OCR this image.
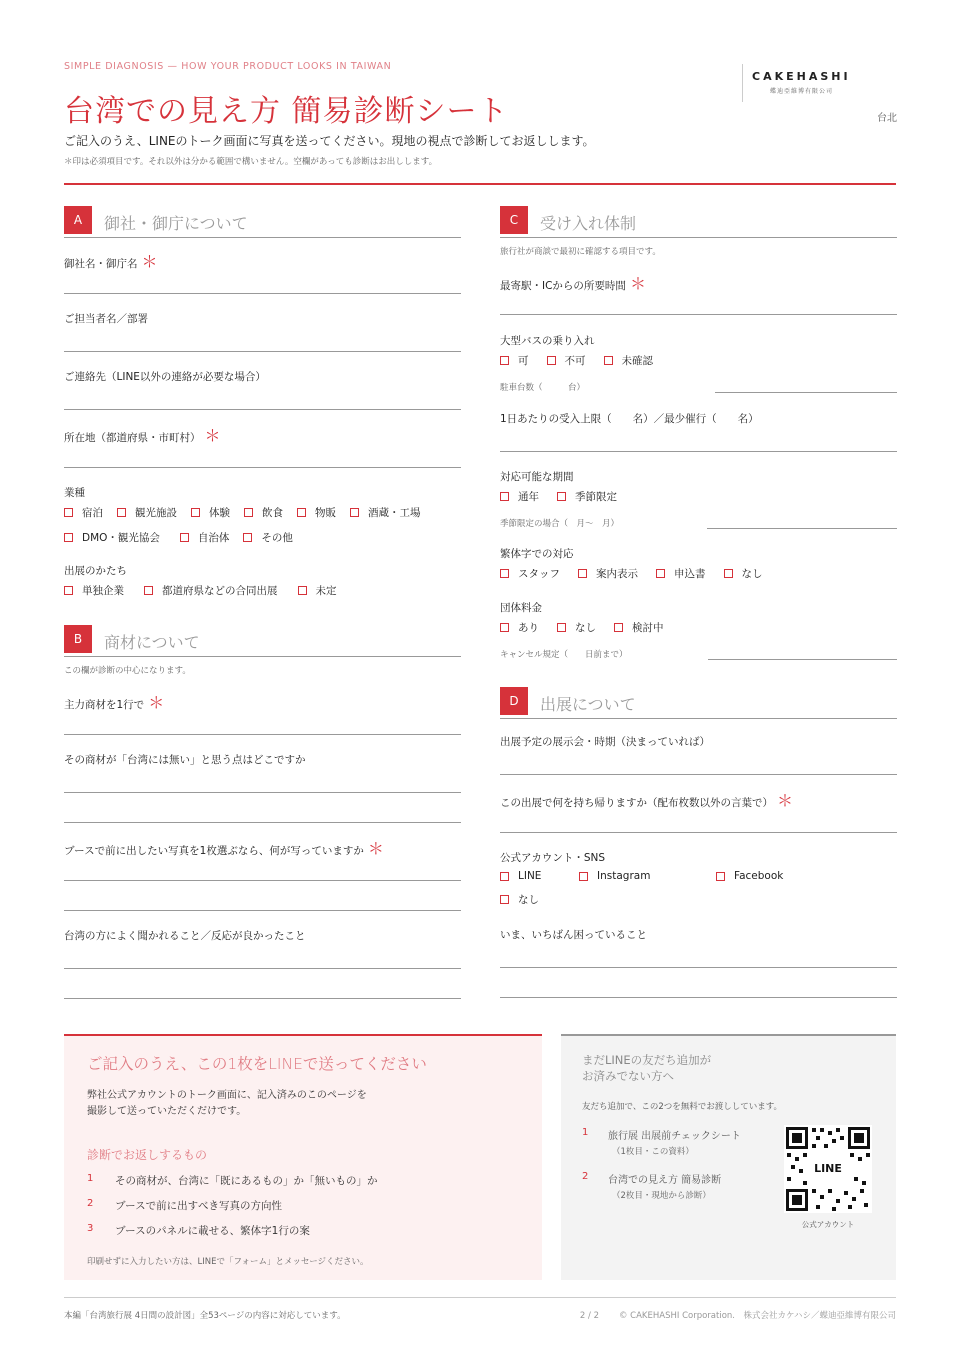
SIMPLE DIAGNOSIS — HOW YOUR PRODUCT LOOKS IN TAIWAN
台湾での見え方 簡易診断シート
CAKEHASHI
蝶迪亞維博有限公司
台北
ご記入のうえ、LINEのトーク画面に写真を送ってください。現地の視点で診断してお返しします。
＊印は必須項目です。それ以外は分かる範囲で構いません。空欄があっても診断はお出しします。
A	御社・御庁について
御社名・御庁名 ＊
ご担当者名／部署
ご連絡先（LINE以外の連絡が必要な場合）
所在地（都道府県・市町村） ＊
業種
宿泊	観光施設	体験	飲食	物販	酒蔵・工場
DMO・観光協会	自治体	その他
出展のかたち
単独企業	都道府県などの合同出展	未定
B	商材について
この欄が診断の中心になります。
主力商材を1行で ＊
その商材が「台湾には無い」と思う点はどこですか
ブースで前に出したい写真を1枚選ぶなら、何が写っていますか ＊
台湾の方によく聞かれること／反応が良かったこと
C	受け入れ体制
旅行社が商談で最初に確認する項目です。
最寄駅・ICからの所要時間 ＊
大型バスの乗り入れ
可	不可	未確認
駐車台数（　　　台）
1日あたりの受入上限（　　名）／最少催行（　　名）
対応可能な期間
通年	季節限定
季節限定の場合（　月〜　月）
繁体字での対応
スタッフ	案内表示	申込書	なし
団体料金
あり	なし	検討中
キャンセル規定（　　日前まで）
D	出展について
出展予定の展示会・時期（決まっていれば）
この出展で何を持ち帰りますか（配布枚数以外の言葉で） ＊
公式アカウント・SNS
LINE	Instagram	Facebook
なし
いま、いちばん困っていること
ご記入のうえ、この1枚をLINEで送ってください
弊社公式アカウントのトーク画面に、記入済みのこのページを
撮影して送っていただくだけです。
診断でお返しするもの
1	その商材が、台湾に「既にあるもの」か「無いもの」か
2	ブースで前に出すべき写真の方向性
3	ブースのパネルに載せる、繁体字1行の案
印刷せずに入力したい方は、LINEで「フォーム」とメッセージください。
まだLINEの友だち追加が
お済みでない方へ
友だち追加で、この2つを無料でお渡ししています。
1	旅行展 出展前チェックシート
（1枚目・この資料）
2	台湾での見え方 簡易診断
（2枚目・現地から診断）
LINE
公式アカウント
本編「台湾旅行展 4日間の設計図」全53ページの内容に対応しています。	2 / 2 © CAKEHASHI Corporation.　株式会社カケハシ／蝶迪亞維博有限公司
